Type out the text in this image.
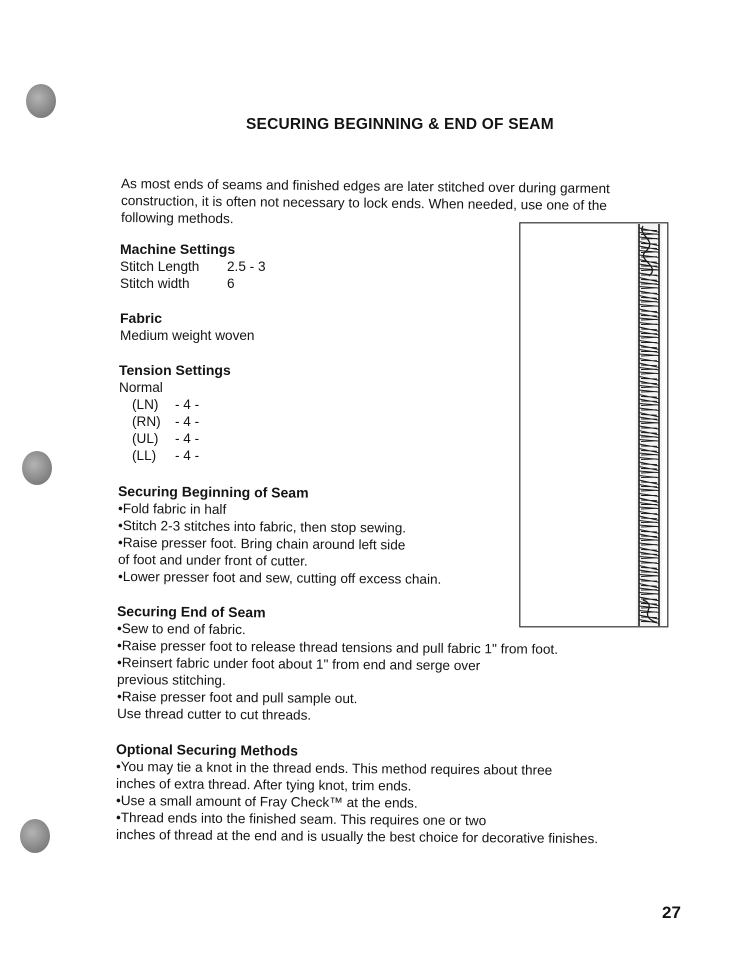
SECURING BEGINNING & END OF SEAM
As most ends of seams and finished edges are later stitched over during garment
construction, it is often not necessary to lock ends. When needed, use one of the
following methods.
Machine Settings
Stitch Length	2.5 - 3
Stitch width	6
Fabric
Medium weight woven
Tension Settings
Normal
(LN)	- 4 -
(RN)	- 4 -
(UL)	- 4 -
(LL)	- 4 -
Securing Beginning of Seam
•Fold fabric in half
•Stitch 2-3 stitches into fabric, then stop sewing.
•Raise presser foot. Bring chain around left side
of foot and under front of cutter.
•Lower presser foot and sew, cutting off excess chain.
Securing End of Seam
•Sew to end of fabric.
•Raise presser foot to release thread tensions and pull fabric 1" from foot.
•Reinsert fabric under foot about 1" from end and serge over
previous stitching.
•Raise presser foot and pull sample out.
Use thread cutter to cut threads.
Optional Securing Methods
•You may tie a knot in the thread ends. This method requires about three
inches of extra thread. After tying knot, trim ends.
•Use a small amount of Fray Check™ at the ends.
•Thread ends into the finished seam. This requires one or two
inches of thread at the end and is usually the best choice for decorative finishes.
27
